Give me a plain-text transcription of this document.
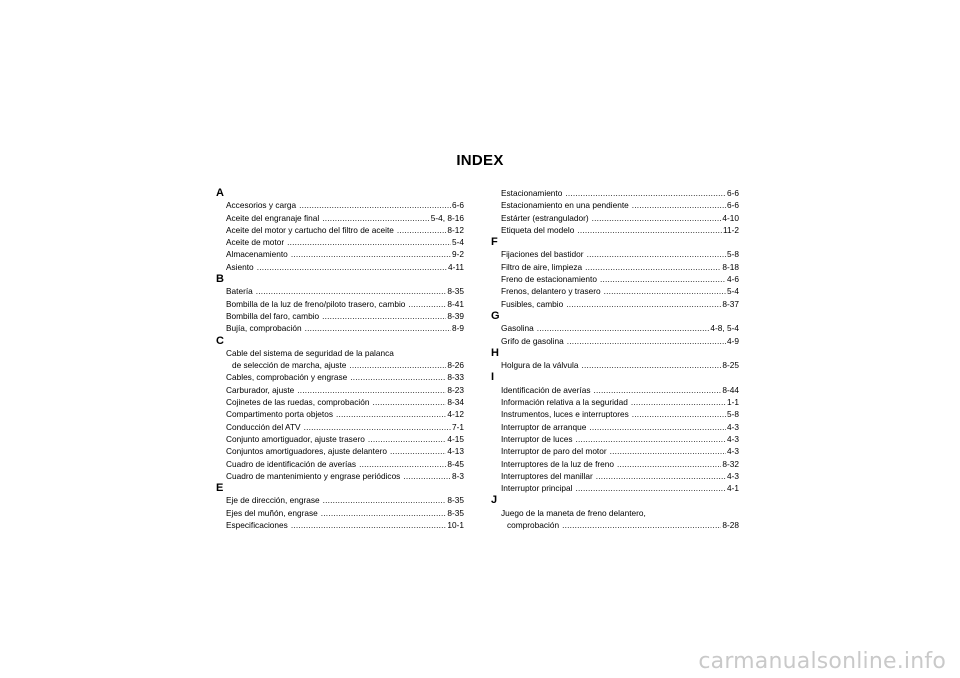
INDEX
A
Accesorios y carga .....	6-6
Aceite del engranaje final .....	5-4, 8-16
Aceite del motor y cartucho del filtro de aceite .....	8-12
Aceite de motor .....	5-4
Almacenamiento .....	9-2
Asiento .....	4-11
B
Batería .....	8-35
Bombilla de la luz de freno/piloto trasero, cambio .....	8-41
Bombilla del faro, cambio .....	8-39
Bujía, comprobación .....	8-9
C
Cable del sistema de seguridad de la palanca
de selección de marcha, ajuste .....	8-26
Cables, comprobación y engrase .....	8-33
Carburador, ajuste .....	8-23
Cojinetes de las ruedas, comprobación .....	8-34
Compartimento porta objetos .....	4-12
Conducción del ATV .....	7-1
Conjunto amortiguador, ajuste trasero .....	4-15
Conjuntos amortiguadores, ajuste delantero .....	4-13
Cuadro de identificación de averías .....	8-45
Cuadro de mantenimiento y engrase periódicos .....	8-3
E
Eje de dirección, engrase .....	8-35
Ejes del muñón, engrase .....	8-35
Especificaciones .....	10-1
Estacionamiento .....	6-6
Estacionamiento en una pendiente .....	6-6
Estárter (estrangulador) .....	4-10
Etiqueta del modelo .....	11-2
F
Fijaciones del bastidor .....	5-8
Filtro de aire, limpieza .....	8-18
Freno de estacionamiento .....	4-6
Frenos, delantero y trasero .....	5-4
Fusibles, cambio .....	8-37
G
Gasolina .....	4-8, 5-4
Grifo de gasolina .....	4-9
H
Holgura de la válvula .....	8-25
I
Identificación de averías .....	8-44
Información relativa a la seguridad .....	1-1
Instrumentos, luces e interruptores .....	5-8
Interruptor de arranque .....	4-3
Interruptor de luces .....	4-3
Interruptor de paro del motor .....	4-3
Interruptores de la luz de freno .....	8-32
Interruptores del manillar .....	4-3
Interruptor principal .....	4-1
J
Juego de la maneta de freno delantero,
comprobación .....	8-28
carmanualsonline.info
